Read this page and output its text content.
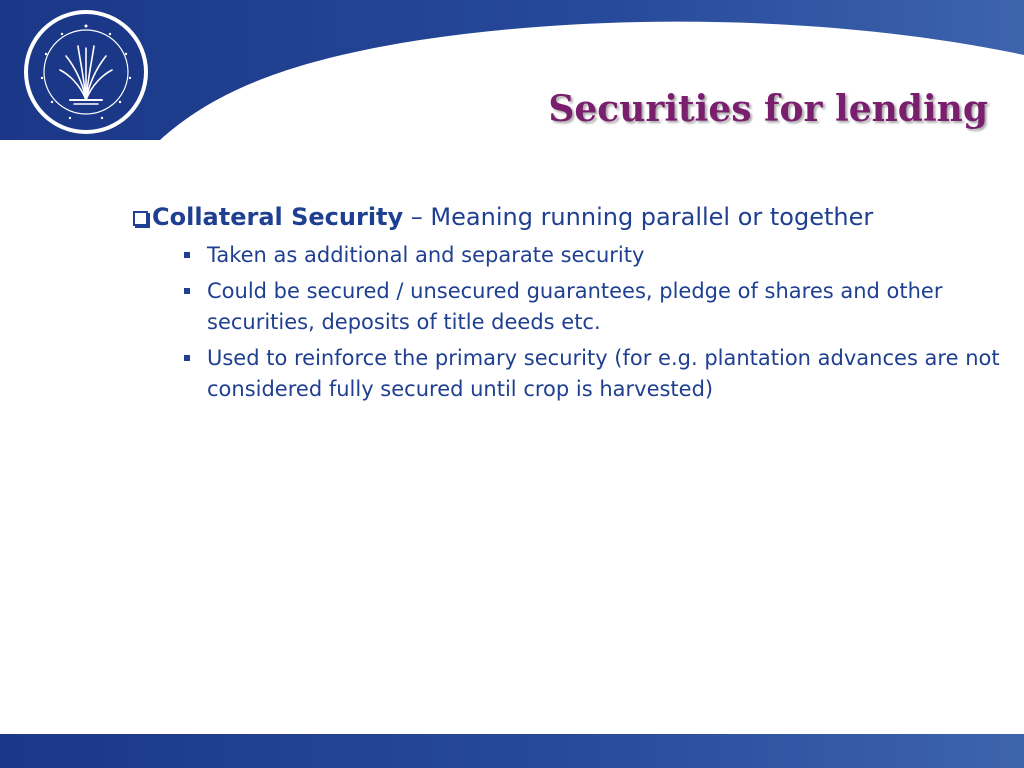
Securities for lending

Collateral Security – Meaning running parallel or together

Taken as additional and separate security
Could be secured / unsecured guarantees, pledge of shares and other securities, deposits of title deeds etc.
Used to reinforce the primary security (for e.g. plantation advances are not considered fully secured until crop is harvested)
